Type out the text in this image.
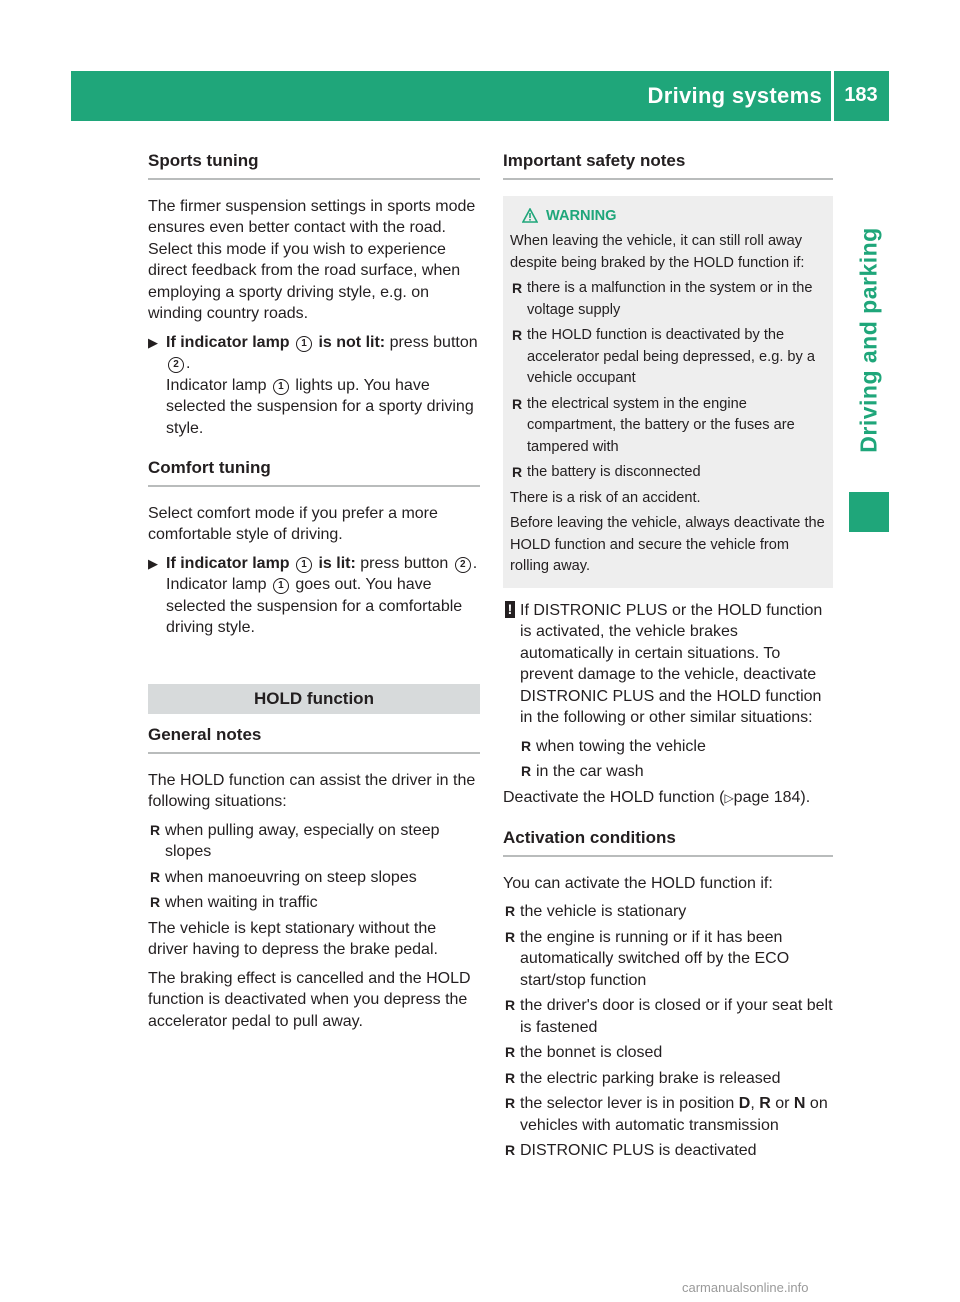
Driving systems	183
Driving and parking
Sports tuning

The firmer suspension settings in sports mode ensures even better contact with the road. Select this mode if you wish to experience direct feedback from the road surface, when employing a sporty driving style, e.g. on winding country roads.

▶ If indicator lamp 1 is not lit: press button 2 .
Indicator lamp 1 lights up. You have selected the suspension for a sporty driving style.
Comfort tuning

Select comfort mode if you prefer a more comfortable style of driving.

▶ If indicator lamp 1 is lit: press button 2 .
Indicator lamp 1 goes out. You have selected the suspension for a comfortable driving style.
HOLD function
General notes

The HOLD function can assist the driver in the following situations:

R when pulling away, especially on steep slopes
R when manoeuvring on steep slopes
R when waiting in traffic

The vehicle is kept stationary without the driver having to depress the brake pedal.

The braking effect is cancelled and the HOLD function is deactivated when you depress the accelerator pedal to pull away.

Important safety notes
WARNING

When leaving the vehicle, it can still roll away despite being braked by the HOLD function if:

R there is a malfunction in the system or in the voltage supply
R the HOLD function is deactivated by the accelerator pedal being depressed, e.g. by a vehicle occupant
R the electrical system in the engine compartment, the battery or the fuses are tampered with
R the battery is disconnected

There is a risk of an accident.

Before leaving the vehicle, always deactivate the HOLD function and secure the vehicle from rolling away.

! If DISTRONIC PLUS or the HOLD function is activated, the vehicle brakes automatically in certain situations. To prevent damage to the vehicle, deactivate DISTRONIC PLUS and the HOLD function in the following or other similar situations:
R when towing the vehicle
R in the car wash

Deactivate the HOLD function (▷page 184).

Activation conditions

You can activate the HOLD function if:

R the vehicle is stationary
R the engine is running or if it has been automatically switched off by the ECO start/stop function
R the driver's door is closed or if your seat belt is fastened
R the bonnet is closed
R the electric parking brake is released
R the selector lever is in position D, R or N on vehicles with automatic transmission
R DISTRONIC PLUS is deactivated
carmanualsonline.info
